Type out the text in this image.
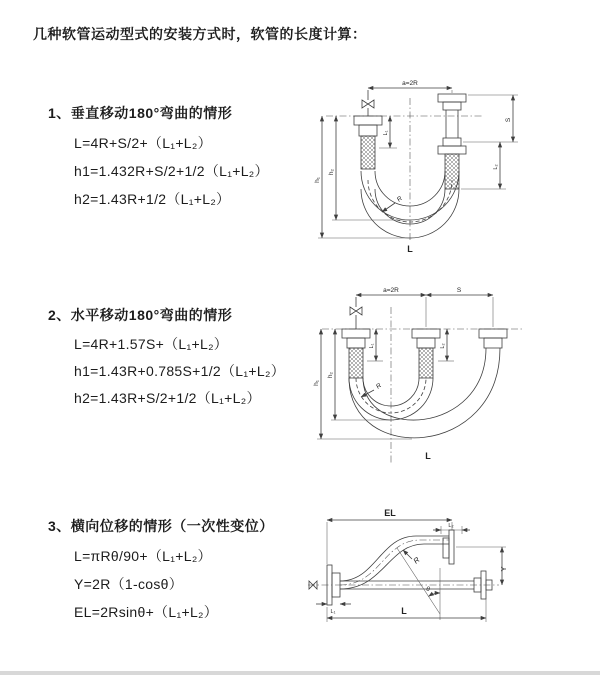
几种软管运动型式的安装方式时，软管的长度计算：
1、垂直移动180°弯曲的情形
L=4R+S/2+（L₁+L₂）
h1=1.432R+S/2+1/2（L₁+L₂）
h2=1.43R+1/2（L₁+L₂）
a=2R
h₁
h₂
L₁
S
L₂
R
L
2、水平移动180°弯曲的情形
L=4R+1.57S+（L₁+L₂）
h1=1.43R+0.785S+1/2（L₁+L₂）
h2=1.43R+S/2+1/2（L₁+L₂）
a=2R	S
h₁
h₂
L₁	L₂
R
L
3、横向位移的情形（一次性变位）
L=πRθ/90+（L₁+L₂）
Y=2R（1-cosθ）
EL=2Rsinθ+（L₁+L₂）
EL
L₂
Y
R
θ
L₁	L
